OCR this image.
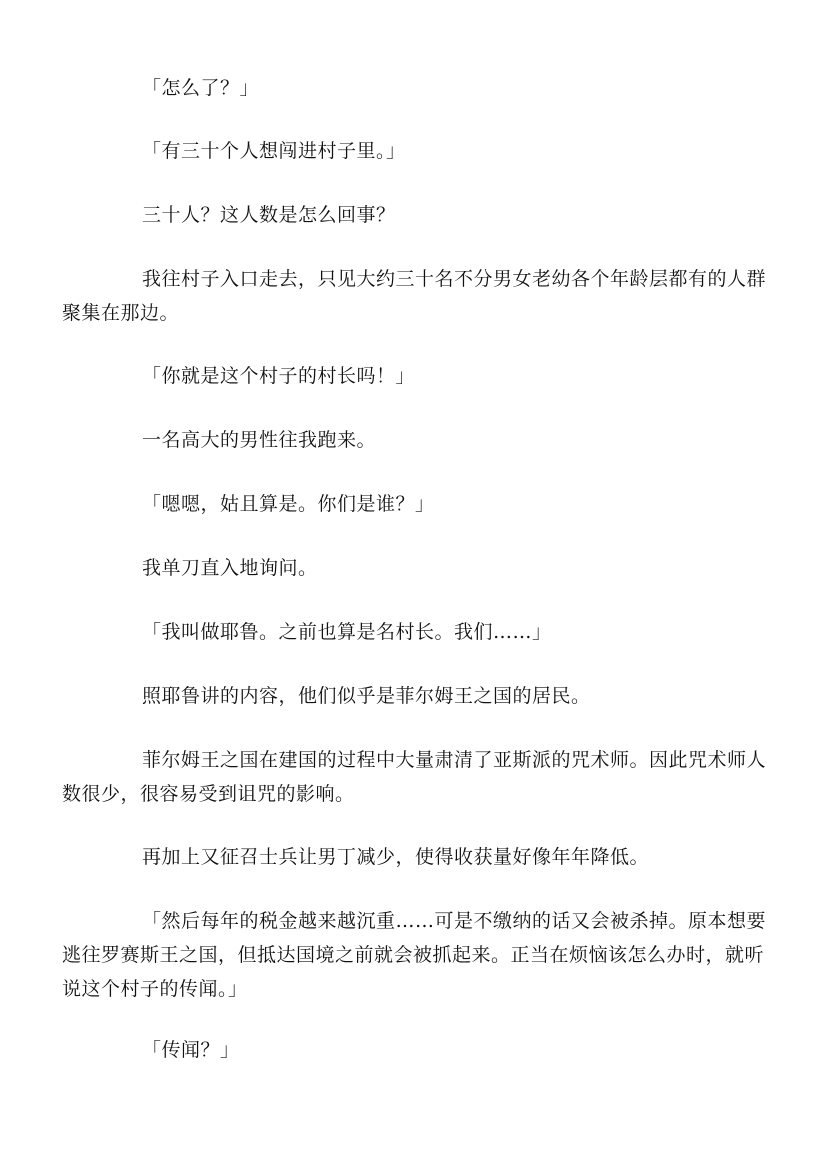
「怎么了？」

「有三十个人想闯进村子里。」

三十人？这人数是怎么回事？

我往村子入口走去，只见大约三十名不分男女老幼各个年龄层都有的人群聚集在那边。

「你就是这个村子的村长吗！」

一名高大的男性往我跑来。

「嗯嗯，姑且算是。你们是谁？」

我单刀直入地询问。

「我叫做耶鲁。之前也算是名村长。我们……」

照耶鲁讲的内容，他们似乎是菲尔姆王之国的居民。

菲尔姆王之国在建国的过程中大量肃清了亚斯派的咒术师。因此咒术师人数很少，很容易受到诅咒的影响。

再加上又征召士兵让男丁减少，使得收获量好像年年降低。

「然后每年的税金越来越沉重……可是不缴纳的话又会被杀掉。原本想要逃往罗赛斯王之国，但抵达国境之前就会被抓起来。正当在烦恼该怎么办时，就听说这个村子的传闻。」

「传闻？」
